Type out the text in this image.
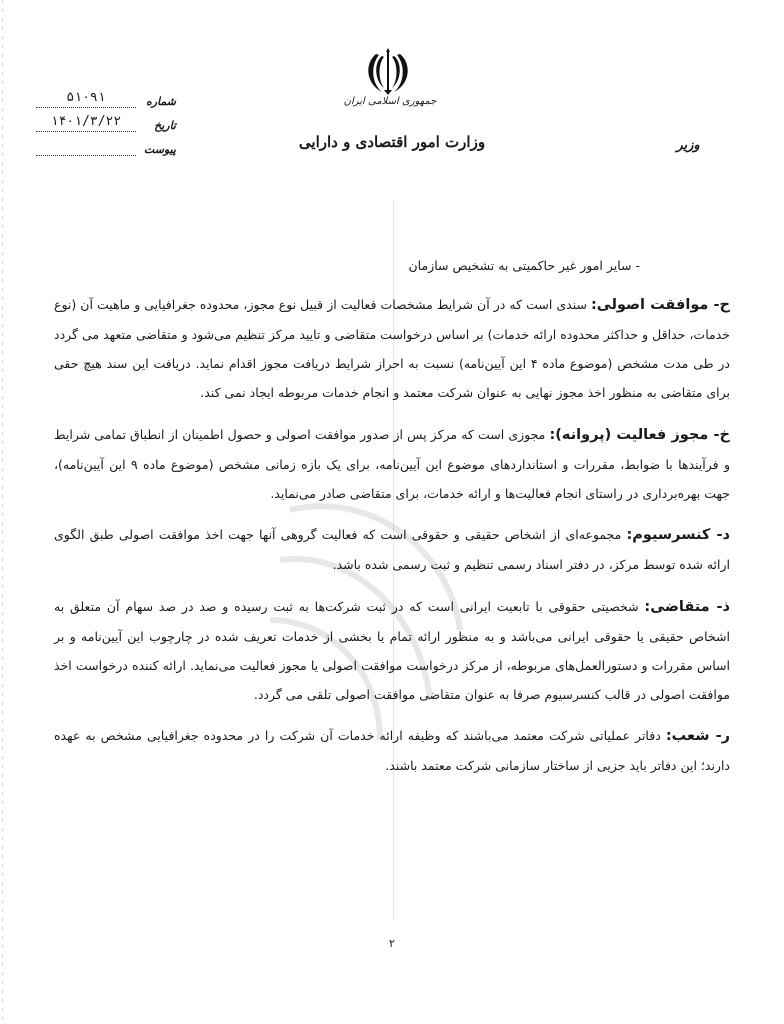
جمهوری اسلامی ایران
وزارت امور اقتصادی و دارایی	وزیر
شماره
۵۱۰۹۱
تاریخ
۱۴۰۱/۳/۲۲
پیوست
- سایر امور غیر حاکمیتی به تشخیص سازمان

ح- موافقت اصولی: سندی است که در آن شرایط مشخصات فعالیت از قبیل نوع مجوز، محدوده جغرافیایی و ماهیت آن (نوع خدمات، حداقل و حداکثر محدوده ارائه خدمات) بر اساس درخواست متقاضی و تایید مرکز تنظیم می‌شود و متقاضی متعهد می گردد در طی مدت مشخص (موضوع ماده ۴ این آیین‌نامه) نسبت به احراز شرایط دریافت مجوز اقدام نماید. دریافت این سند هیچ حقی برای متقاضی به منظور اخذ مجوز نهایی به عنوان شرکت معتمد و انجام خدمات مربوطه ایجاد نمی کند.

خ- مجوز فعالیت (پروانه): مجوزی است که مرکز پس از صدور موافقت اصولی و حصول اطمینان از انطباق تمامی شرایط و فرآیندها با ضوابط، مقررات و استانداردهای موضوع این آیین‌نامه، برای یک بازه زمانی مشخص (موضوع ماده ۹ این آیین‌نامه)، جهت بهره‌برداری در راستای انجام فعالیت‌ها و ارائه خدمات، برای متقاضی صادر می‌نماید.

د- کنسرسیوم: مجموعه‌ای از اشخاص حقیقی و حقوقی است که فعالیت گروهی آنها جهت اخذ موافقت اصولی طبق الگوی ارائه شده توسط مرکز، در دفتر اسناد رسمی تنظیم و ثبت رسمی شده باشد.

ذ- متقاضی: شخصیتی حقوقی با تابعیت ایرانی است که در ثبت شرکت‌ها به ثبت رسیده و صد در صد سهام آن متعلق به اشخاص حقیقی یا حقوقی ایرانی می‌باشد و به منظور ارائه تمام یا بخشی از خدمات تعریف شده در چارچوب این آیین‌نامه و بر اساس مقررات و دستورالعمل‌های مربوطه، از مرکز درخواست موافقت اصولی یا مجوز فعالیت می‌نماید. ارائه کننده درخواست اخذ موافقت اصولی در قالب کنسرسیوم صرفا به عنوان متقاضی موافقت اصولی تلقی می گردد.

ر- شعب: دفاتر عملیاتی شرکت معتمد می‌باشند که وظیفه ارائه خدمات آن شرکت را در محدوده جغرافیایی مشخص به عهده دارند؛ این دفاتر باید جزیی از ساختار سازمانی شرکت معتمد باشند.

۲
